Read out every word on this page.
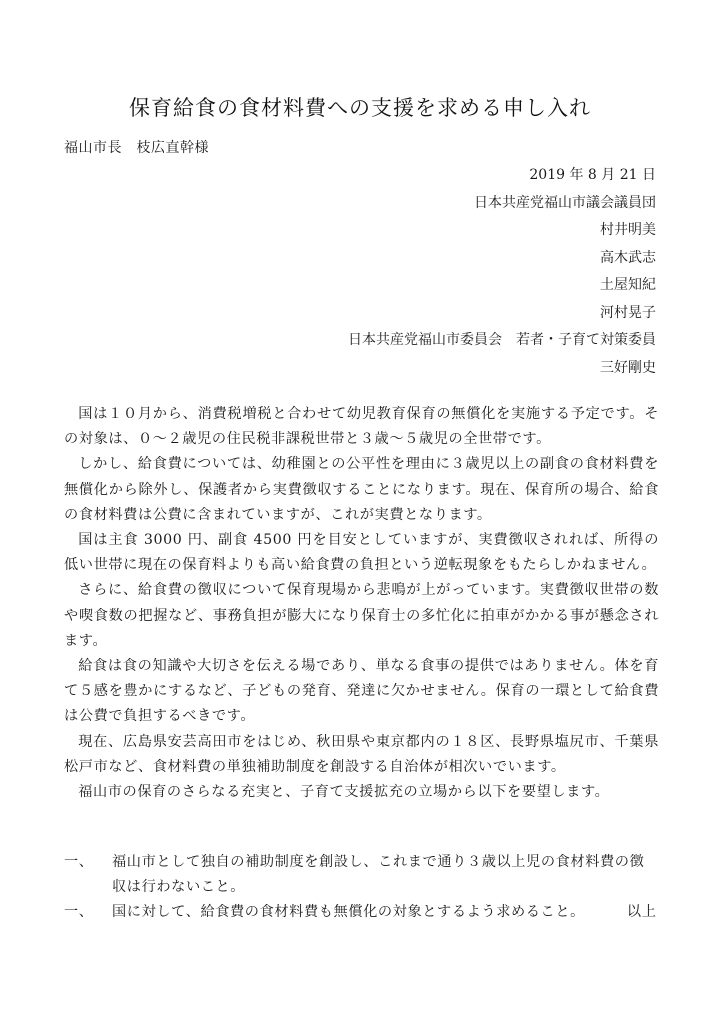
保育給食の食材料費への支援を求める申し入れ
福山市長　枝広直幹様
2019 年 8 月 21 日
日本共産党福山市議会議員団
村井明美
高木武志
土屋知紀
河村晃子
日本共産党福山市委員会　若者・子育て対策委員
三好剛史

国は１０月から、消費税増税と合わせて幼児教育保育の無償化を実施する予定です。その対象は、０～２歳児の住民税非課税世帯と３歳～５歳児の全世帯です。

しかし、給食費については、幼稚園との公平性を理由に３歳児以上の副食の食材料費を無償化から除外し、保護者から実費徴収することになります。現在、保育所の場合、給食の食材料費は公費に含まれていますが、これが実費となります。

国は主食 3000 円、副食 4500 円を目安としていますが、実費徴収されれば、所得の低い世帯に現在の保育料よりも高い給食費の負担という逆転現象をもたらしかねません。

さらに、給食費の徴収について保育現場から悲鳴が上がっています。実費徴収世帯の数や喫食数の把握など、事務負担が膨大になり保育士の多忙化に拍車がかかる事が懸念されます。

給食は食の知識や大切さを伝える場であり、単なる食事の提供ではありません。体を育て５感を豊かにするなど、子どもの発育、発達に欠かせません。保育の一環として給食費は公費で負担するべきです。

現在、広島県安芸高田市をはじめ、秋田県や東京都内の１８区、長野県塩尻市、千葉県松戸市など、食材料費の単独補助制度を創設する自治体が相次いでいます。

福山市の保育のさらなる充実と、子育て支援拡充の立場から以下を要望します。

一、	福山市として独自の補助制度を創設し、これまで通り３歳以上児の食材料費の徴収は行わないこと。
一、	国に対して、給食費の食材料費も無償化の対象とするよう求めること。	以上
